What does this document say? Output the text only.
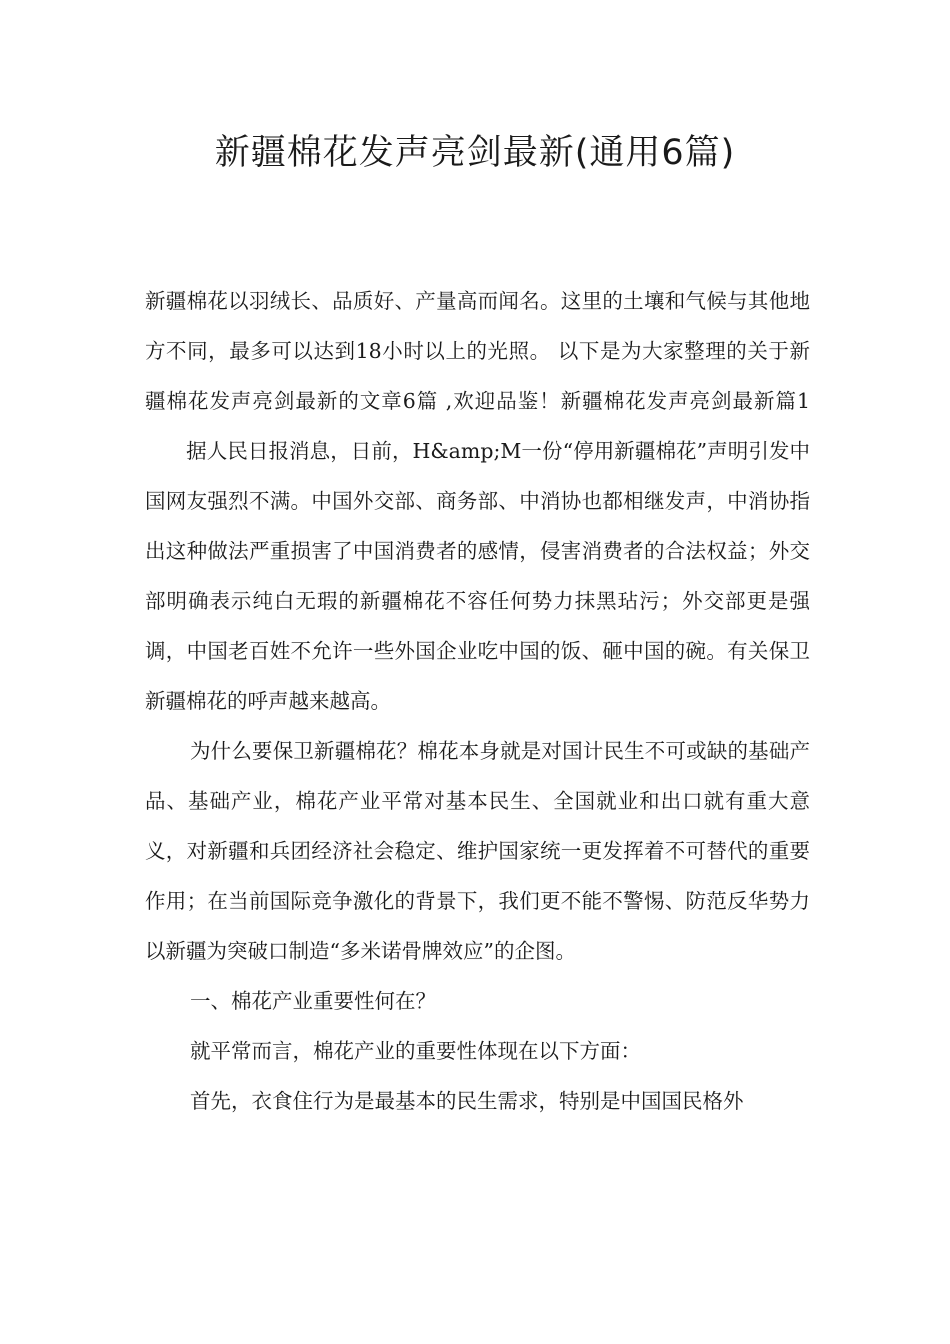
新疆棉花发声亮剑最新(通用6篇)

新疆棉花以羽绒长、品质好、产量高而闻名。这里的土壤和气候与其他地方不同，最多可以达到18小时以上的光照。 以下是为大家整理的关于新疆棉花发声亮剑最新的文章6篇 ,欢迎品鉴！新疆棉花发声亮剑最新篇1 　　据人民日报消息，日前，H&amp;M一份“停用新疆棉花”声明引发中国网友强烈不满。中国外交部、商务部、中消协也都相继发声，中消协指出这种做法严重损害了中国消费者的感情，侵害消费者的合法权益；外交部明确表示纯白无瑕的新疆棉花不容任何势力抹黑玷污；外交部更是强调，中国老百姓不允许一些外国企业吃中国的饭、砸中国的碗。有关保卫新疆棉花的呼声越来越高。

为什么要保卫新疆棉花？棉花本身就是对国计民生不可或缺的基础产品、基础产业，棉花产业平常对基本民生、全国就业和出口就有重大意义，对新疆和兵团经济社会稳定、维护国家统一更发挥着不可替代的重要作用；在当前国际竞争激化的背景下，我们更不能不警惕、防范反华势力以新疆为突破口制造“多米诺骨牌效应”的企图。

一、棉花产业重要性何在？

就平常而言，棉花产业的重要性体现在以下方面：

首先，衣食住行为是最基本的民生需求，特别是中国国民格外
